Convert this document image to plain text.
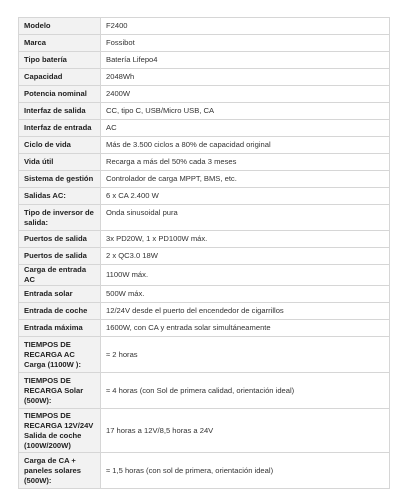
Modelo	F2400
Marca	Fossibot
Tipo batería	Batería Lifepo4
Capacidad	2048Wh
Potencia nominal	2400W
Interfaz de salida	CC, tipo C, USB/Micro USB, CA
Interfaz de entrada	AC
Ciclo de vida	Más de 3.500 ciclos a 80% de capacidad original
Vida útil	Recarga a más del 50% cada 3 meses
Sistema de gestión	Controlador de carga MPPT, BMS, etc.
Salidas AC:	6 x CA 2.400 W
Tipo de inversor de salida:	Onda sinusoidal pura
Puertos de salida	3x PD20W, 1 x PD100W máx.
Puertos de salida	2 x QC3.0 18W
Carga de entrada AC	1100W máx.
Entrada solar	500W máx.
Entrada de coche	12/24V desde el puerto del encendedor de cigarrillos
Entrada máxima	1600W, con CA y entrada solar simultáneamente
TIEMPOS DE RECARGA AC Carga (1100W ):	≈ 2 horas
TIEMPOS DE RECARGA Solar (500W):	≈ 4 horas (con Sol de primera calidad, orientación ideal)
TIEMPOS DE RECARGA 12V/24V Salida de coche (100W/200W)	17 horas a 12V/8,5 horas a 24V
Carga de CA + paneles solares (500W):	≈ 1,5 horas (con sol de primera, orientación ideal)
